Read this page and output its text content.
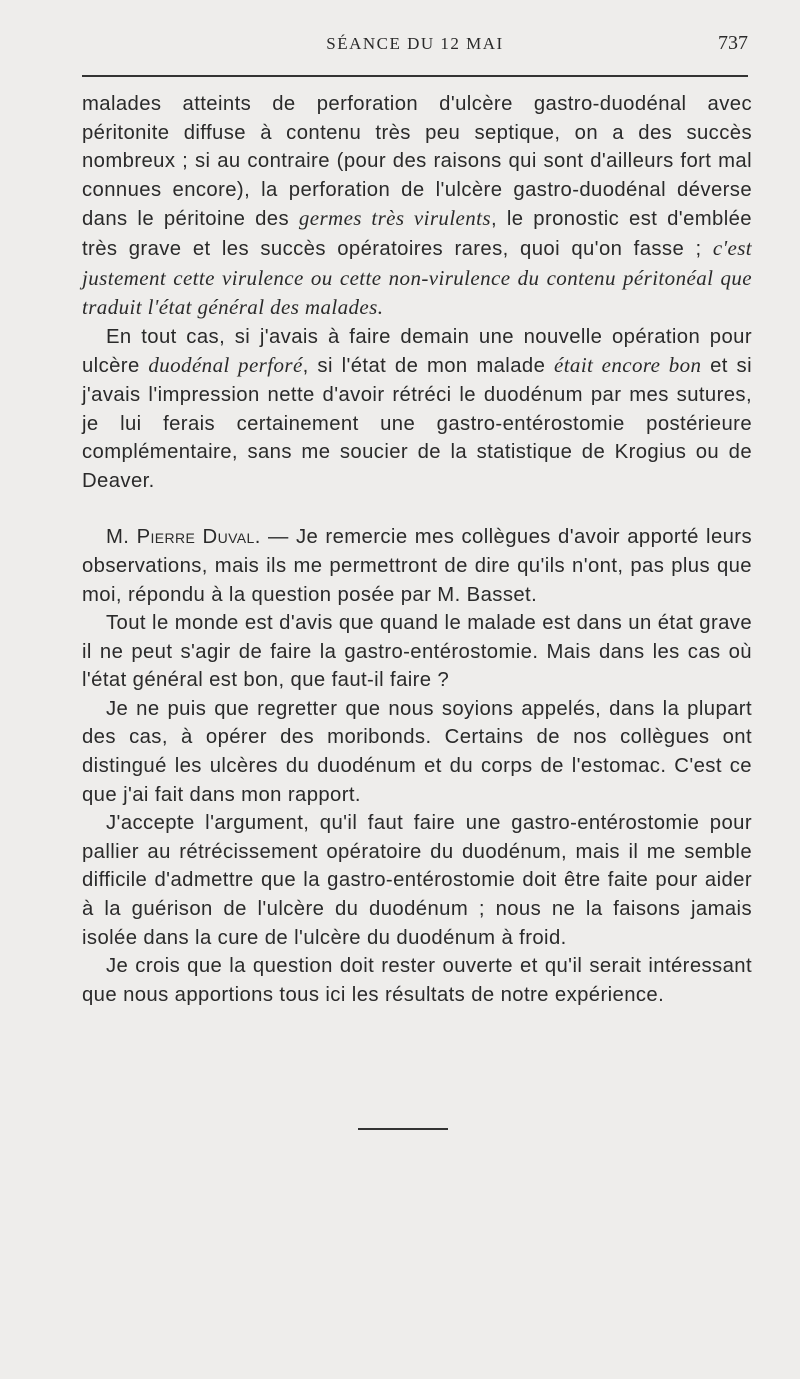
SÉANCE DU 12 MAI	737

malades atteints de perforation d'ulcère gastro-duodénal avec péritonite diffuse à contenu très peu septique, on a des succès nombreux ; si au contraire (pour des raisons qui sont d'ailleurs fort mal connues encore), la perforation de l'ulcère gastro-duodénal déverse dans le péritoine des germes très virulents, le pronostic est d'emblée très grave et les succès opératoires rares, quoi qu'on fasse ; c'est justement cette virulence ou cette non-virulence du contenu péritonéal que traduit l'état général des malades.

En tout cas, si j'avais à faire demain une nouvelle opération pour ulcère duodénal perforé, si l'état de mon malade était encore bon et si j'avais l'impression nette d'avoir rétréci le duodénum par mes sutures, je lui ferais certainement une gastro-entérostomie postérieure complémentaire, sans me soucier de la statistique de Krogius ou de Deaver.

M. Pierre Duval. — Je remercie mes collègues d'avoir apporté leurs observations, mais ils me permettront de dire qu'ils n'ont, pas plus que moi, répondu à la question posée par M. Basset.

Tout le monde est d'avis que quand le malade est dans un état grave il ne peut s'agir de faire la gastro-entérostomie. Mais dans les cas où l'état général est bon, que faut-il faire ?

Je ne puis que regretter que nous soyions appelés, dans la plupart des cas, à opérer des moribonds. Certains de nos collègues ont distingué les ulcères du duodénum et du corps de l'estomac. C'est ce que j'ai fait dans mon rapport.

J'accepte l'argument, qu'il faut faire une gastro-entérostomie pour pallier au rétrécissement opératoire du duodénum, mais il me semble difficile d'admettre que la gastro-entérostomie doit être faite pour aider à la guérison de l'ulcère du duodénum ; nous ne la faisons jamais isolée dans la cure de l'ulcère du duodénum à froid.

Je crois que la question doit rester ouverte et qu'il serait intéressant que nous apportions tous ici les résultats de notre expérience.
